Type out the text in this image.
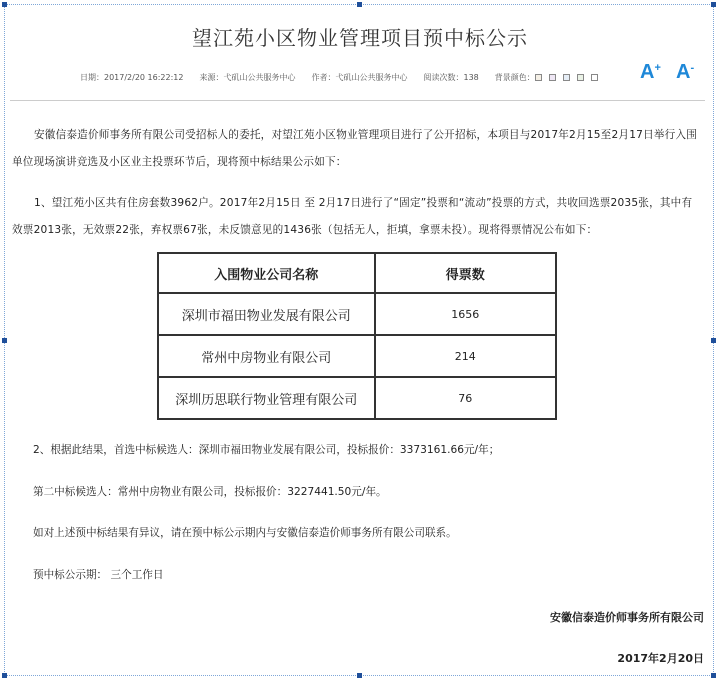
望江苑小区物业管理项目预中标公示
日期：2017/2/20 16:22:12 来源：弋矶山公共服务中心 作者：弋矶山公共服务中心 阅读次数：138 背景颜色：	A+ A-
安徽信泰造价师事务所有限公司受招标人的委托，对望江苑小区物业管理项目进行了公开招标，本项目与2017年2月15至2月17日举行入围单位现场演讲竞选及小区业主投票环节后，现将预中标结果公示如下：
1、望江苑小区共有住房套数3962户。2017年2月15日 至 2月17日进行了“固定”投票和“流动”投票的方式，共收回选票2035张，其中有效票2013张，无效票22张，弃权票67张，未反馈意见的1436张（包括无人，拒填，拿票未投）。现将得票情况公布如下：
入围物业公司名称	得票数
深圳市福田物业发展有限公司	1656
常州中房物业有限公司	214
深圳历思联行物业管理有限公司	76
2、根据此结果，首选中标候选人：深圳市福田物业发展有限公司，投标报价：3373161.66元/年；
第二中标候选人：常州中房物业有限公司，投标报价：3227441.50元/年。
如对上述预中标结果有异议，请在预中标公示期内与安徽信泰造价师事务所有限公司联系。
预中标公示期： 三个工作日
安徽信泰造价师事务所有限公司
2017年2月20日
